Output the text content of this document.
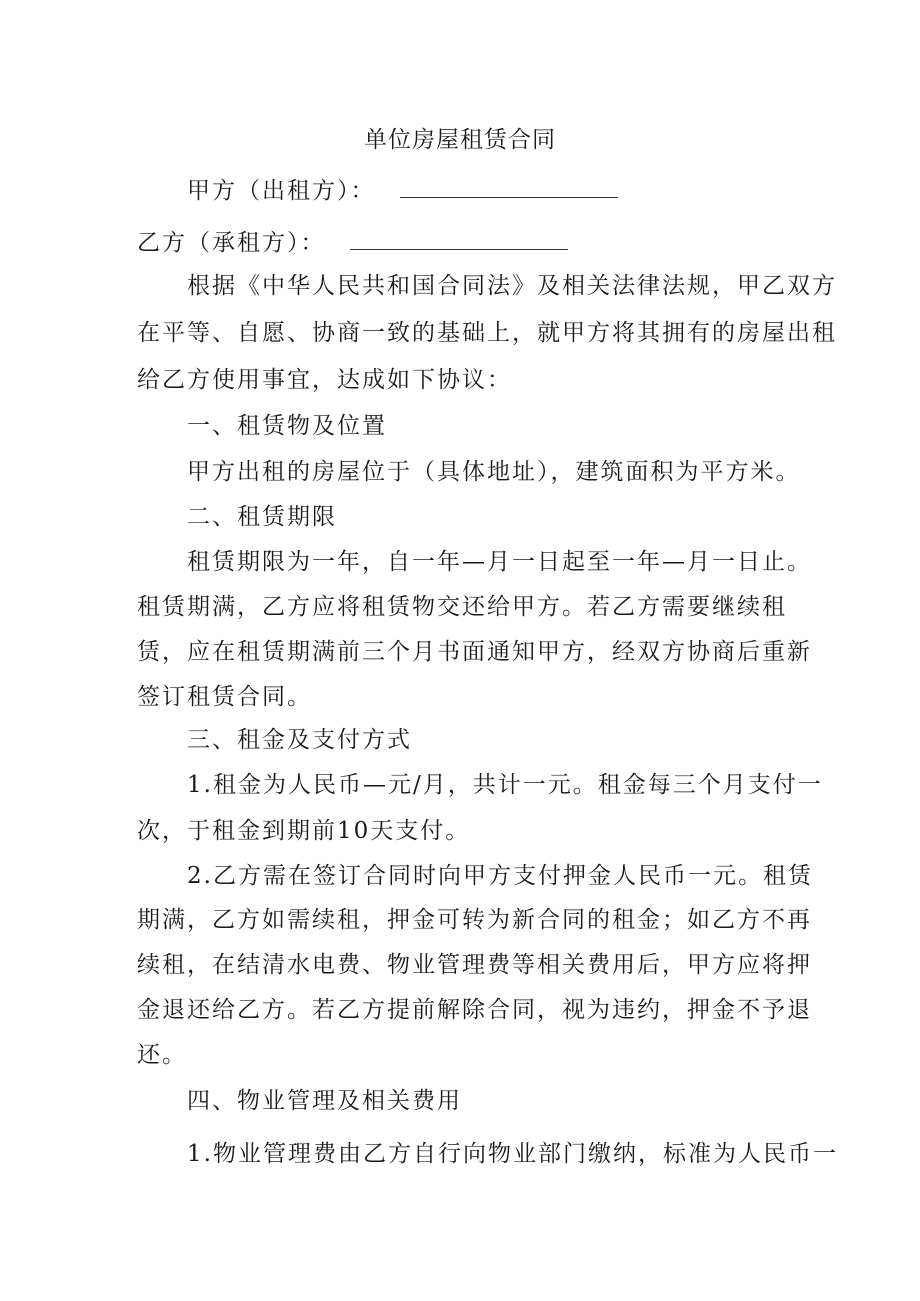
单位房屋租赁合同
甲方（出租方）：
乙方（承租方）：
根据《中华人民共和国合同法》及相关法律法规，甲乙双方
在平等、自愿、协商一致的基础上，就甲方将其拥有的房屋出租
给乙方使用事宜，达成如下协议：
一、租赁物及位置
甲方出租的房屋位于（具体地址），建筑面积为平方米。
二、租赁期限
租赁期限为一年，自一年—月一日起至一年—月一日止。
租赁期满，乙方应将租赁物交还给甲方。若乙方需要继续租
赁，应在租赁期满前三个月书面通知甲方，经双方协商后重新
签订租赁合同。
三、租金及支付方式
1.租金为人民币—元/月，共计一元。租金每三个月支付一
次，于租金到期前10天支付。
2.乙方需在签订合同时向甲方支付押金人民币一元。租赁
期满，乙方如需续租，押金可转为新合同的租金；如乙方不再
续租，在结清水电费、物业管理费等相关费用后，甲方应将押
金退还给乙方。若乙方提前解除合同，视为违约，押金不予退
还。
四、物业管理及相关费用
1.物业管理费由乙方自行向物业部门缴纳，标准为人民币一
